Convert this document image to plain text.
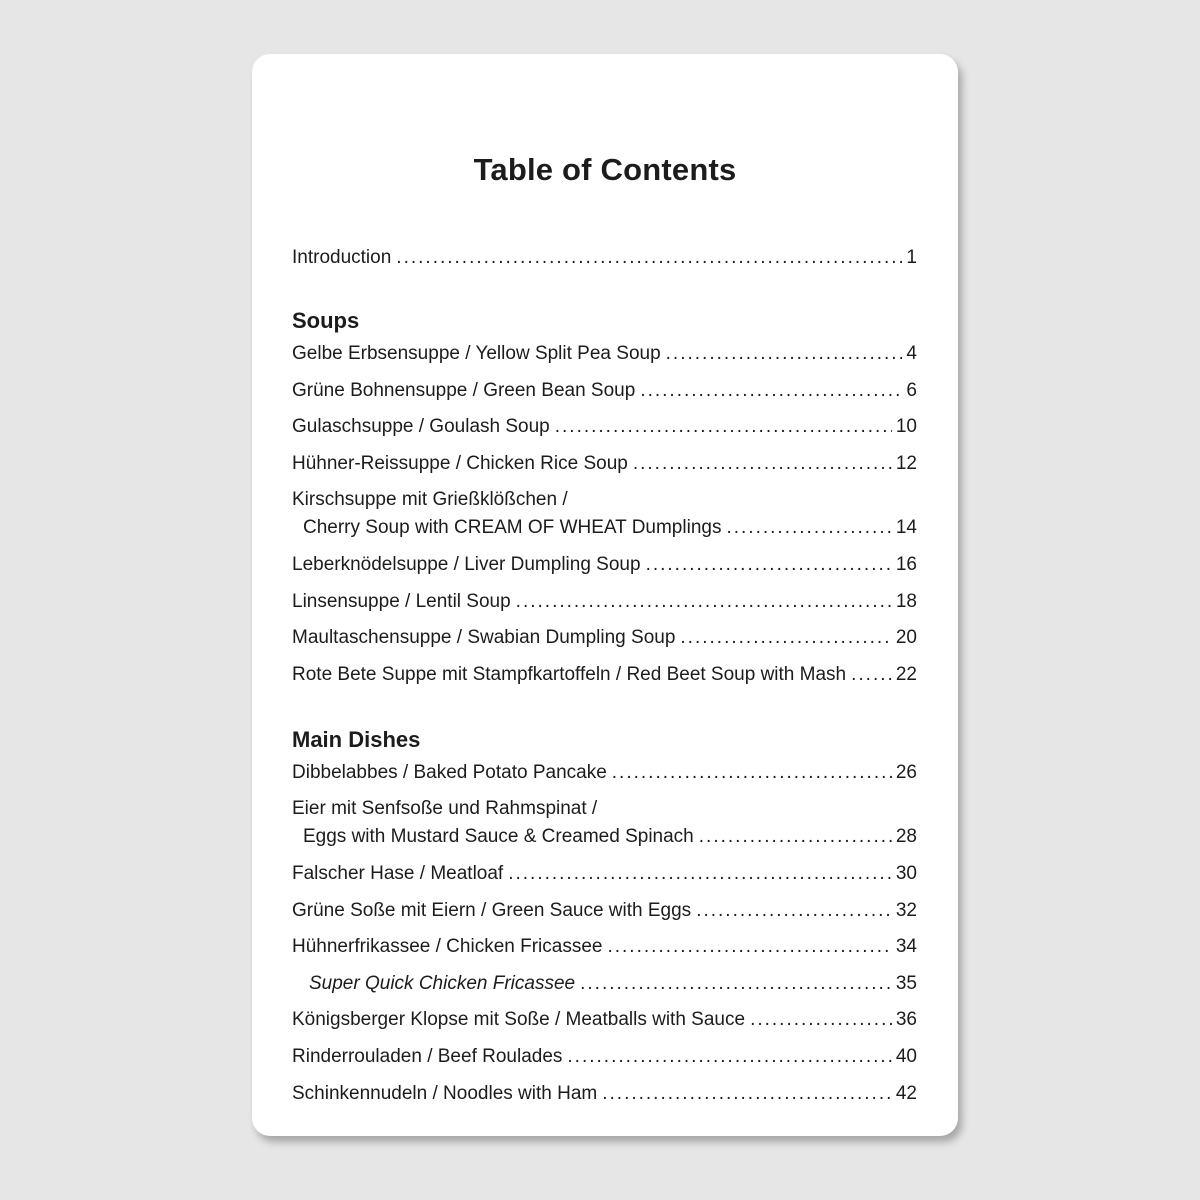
Table of Contents
Introduction .....	1
Soups
Gelbe Erbsensuppe / Yellow Split Pea Soup .....	4
Grüne Bohnensuppe / Green Bean Soup .....	6
Gulaschsuppe / Goulash Soup .....	10
Hühner-Reissuppe / Chicken Rice Soup .....	12
Kirschsuppe mit Grießklößchen /
Cherry Soup with CREAM OF WHEAT Dumplings .....	14
Leberknödelsuppe / Liver Dumpling Soup .....	16
Linsensuppe / Lentil Soup .....	18
Maultaschensuppe / Swabian Dumpling Soup .....	20
Rote Bete Suppe mit Stampfkartoffeln / Red Beet Soup with Mash .....	22
Main Dishes
Dibbelabbes / Baked Potato Pancake .....	26
Eier mit Senfsoße und Rahmspinat /
Eggs with Mustard Sauce & Creamed Spinach .....	28
Falscher Hase / Meatloaf .....	30
Grüne Soße mit Eiern / Green Sauce with Eggs .....	32
Hühnerfrikassee / Chicken Fricassee .....	34
Super Quick Chicken Fricassee .....	35
Königsberger Klopse mit Soße / Meatballs with Sauce .....	36
Rinderrouladen / Beef Roulades .....	40
Schinkennudeln / Noodles with Ham .....	42
